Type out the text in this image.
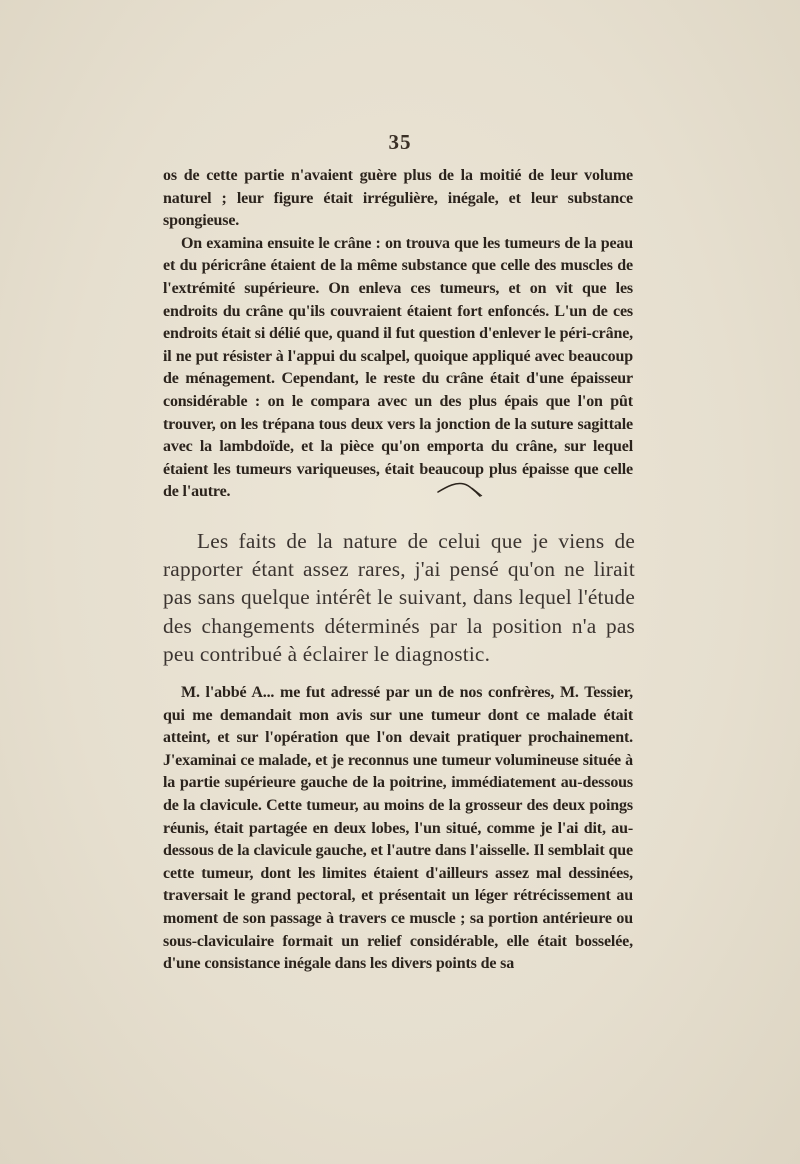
35

os de cette partie n'avaient guère plus de la moitié de leur volume naturel ; leur figure était irrégulière, inégale, et leur substance spongieuse.

On examina ensuite le crâne : on trouva que les tumeurs de la peau et du péricrâne étaient de la même substance que celle des muscles de l'extrémité supérieure. On enleva ces tumeurs, et on vit que les endroits du crâne qu'ils couvraient étaient fort enfoncés. L'un de ces endroits était si délié que, quand il fut question d'enlever le péri-crâne, il ne put résister à l'appui du scalpel, quoique appliqué avec beaucoup de ménagement. Cependant, le reste du crâne était d'une épaisseur considérable : on le compara avec un des plus épais que l'on pût trouver, on les trépana tous deux vers la jonction de la suture sagittale avec la lambdoïde, et la pièce qu'on emporta du crâne, sur lequel étaient les tumeurs variqueuses, était beaucoup plus épaisse que celle de l'autre.

Les faits de la nature de celui que je viens de rapporter étant assez rares, j'ai pensé qu'on ne lirait pas sans quelque intérêt le suivant, dans lequel l'étude des changements déterminés par la position n'a pas peu contribué à éclairer le diagnostic.

M. l'abbé A... me fut adressé par un de nos confrères, M. Tessier, qui me demandait mon avis sur une tumeur dont ce malade était atteint, et sur l'opération que l'on devait pratiquer prochainement. J'examinai ce malade, et je reconnus une tumeur volumineuse située à la partie supérieure gauche de la poitrine, immédiatement au-dessous de la clavicule. Cette tumeur, au moins de la grosseur des deux poings réunis, était partagée en deux lobes, l'un situé, comme je l'ai dit, au-dessous de la clavicule gauche, et l'autre dans l'aisselle. Il semblait que cette tumeur, dont les limites étaient d'ailleurs assez mal dessinées, traversait le grand pectoral, et présentait un léger rétrécissement au moment de son passage à travers ce muscle ; sa portion antérieure ou sous-claviculaire formait un relief considérable, elle était bosselée, d'une consistance inégale dans les divers points de sa
